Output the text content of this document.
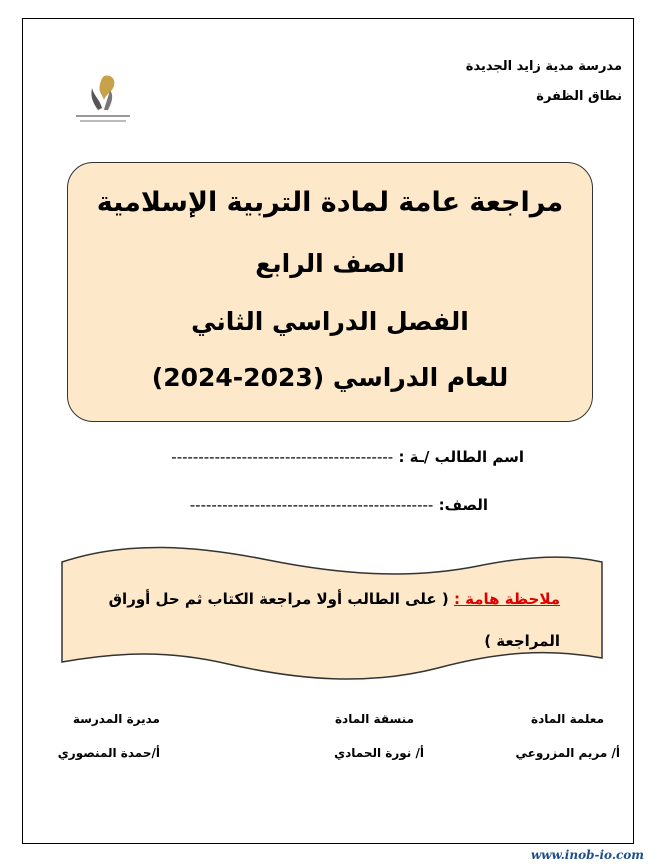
مدرسة مدية زايد الجديدة
نطاق الظفرة
مراجعة عامة لمادة التربية الإسلامية
الصف الرابع
الفصل الدراسي الثاني
للعام الدراسي (2023-2024)
اسم الطالب /ـة : -----------------------------------------
الصف: ---------------------------------------------
ملاحظة هامة : ( على الطالب أولا مراجعة الكتاب ثم حل أوراق المراجعة )
معلمة المادة
أ/ مريم المزروعي
منسقة المادة
أ/ نورة الحمادي
مديرة المدرسة
أ/حمدة المنصوري
www.inob-io.com
